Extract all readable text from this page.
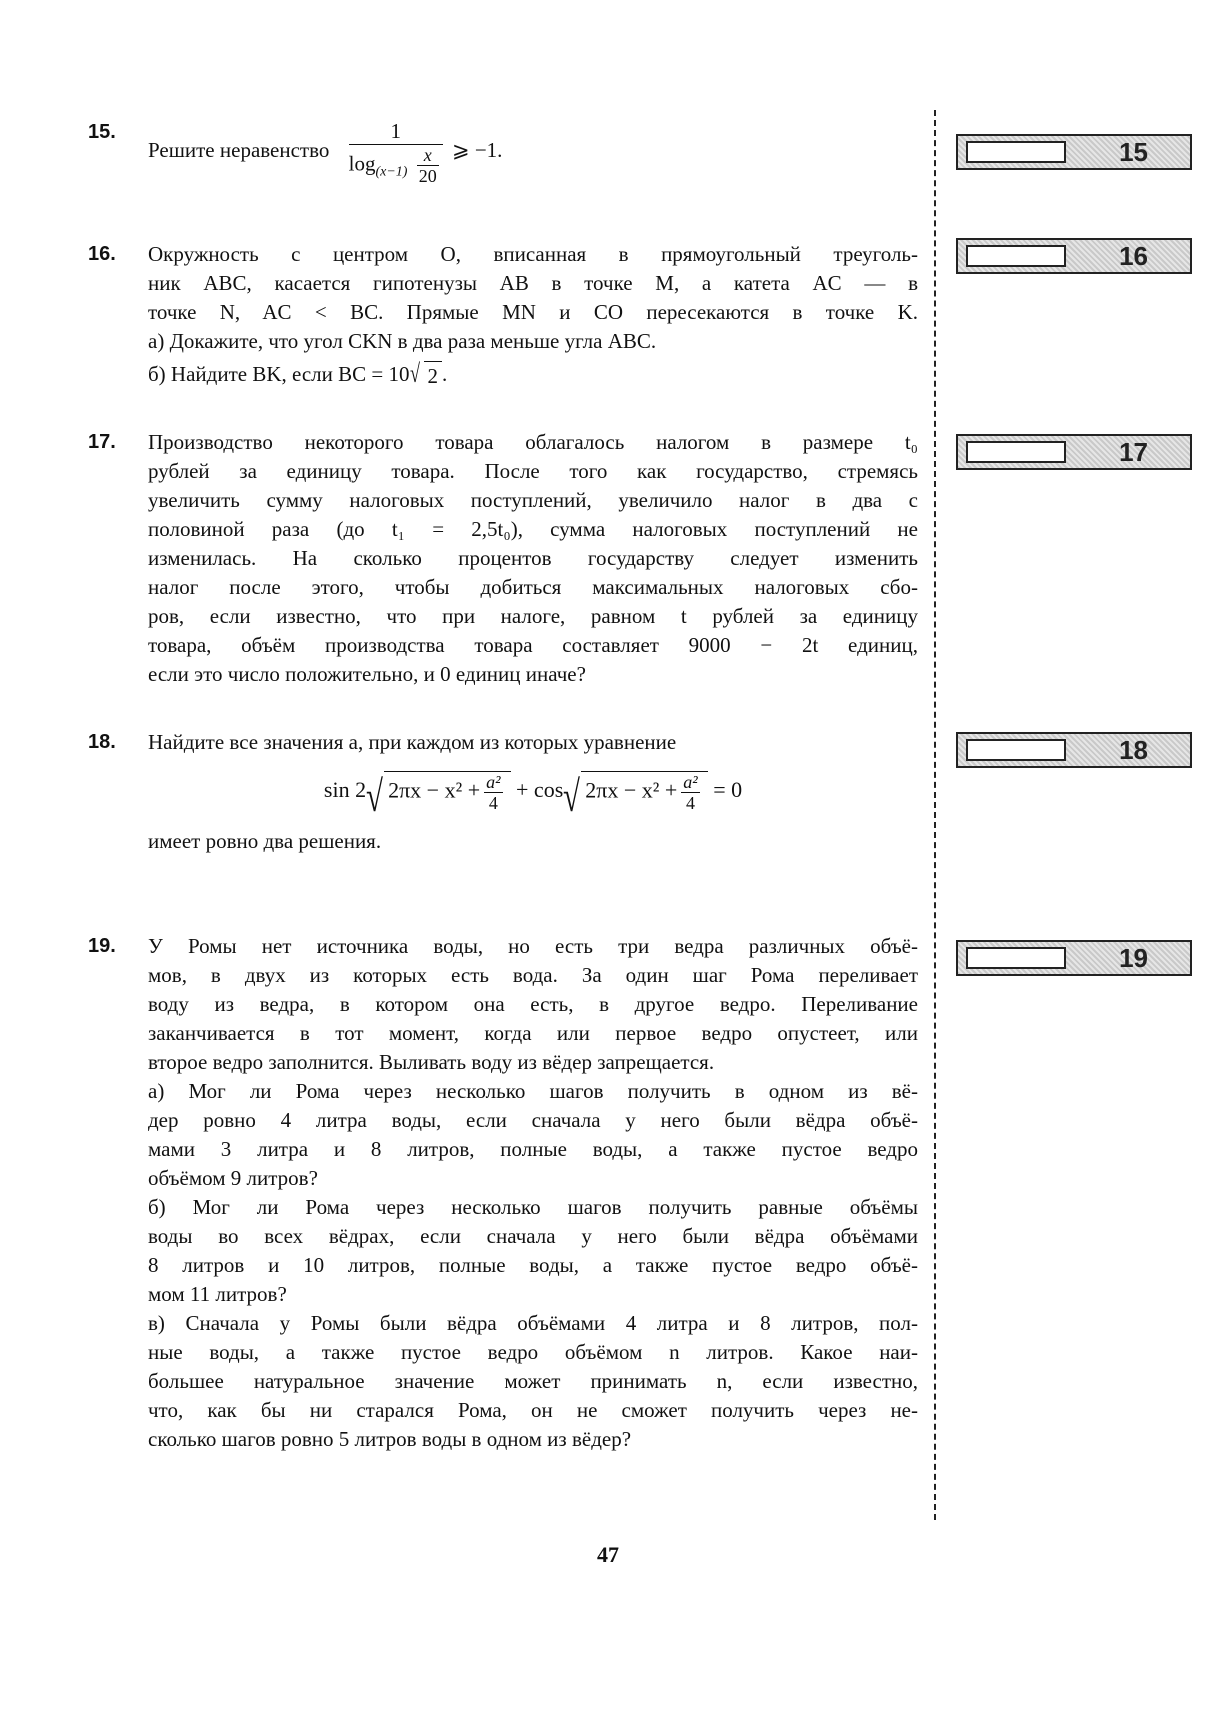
15.
Решите неравенство $\frac{1}{\log_{(x-1)} \frac{x}{20}}$ ⩾ −1.
16. Окружность с центром O, вписанная в прямоугольный треуголь-
ник ABC, касается гипотенузы AB в точке M, а катета AC — в
точке N, AC < BC. Прямые MN и CO пересекаются в точке K.
а) Докажите, что угол CKN в два раза меньше угла ABC.
б) Найдите BK, если BC = 10 √ 2 .
17. Производство некоторого товара облагалось налогом в размере t₀
рублей за единицу товара. После того как государство, стремясь
увеличить сумму налоговых поступлений, увеличило налог в два с
половиной раза (до t₁ = 2,5t₀), сумма налоговых поступлений не
изменилась. На сколько процентов государству следует изменить
налог после этого, чтобы добиться максимальных налоговых сбо-
ров, если известно, что при налоге, равном t рублей за единицу
товара, объём производства товара составляет 9000 − 2t единиц,
если это число положительно, и 0 единиц иначе?
18. Найдите все значения a, при каждом из которых уравнение
sin 2 √ $2\pi x - x^2 + \frac{\text{a²}}{4} + \cos$ √ $2\pi x - x^2 + \frac{\text{a²}}{4} = 0$
имеет ровно два решения.
19. У Ромы нет источника воды, но есть три ведра различных объё-
мов, в двух из которых есть вода. За один шаг Рома переливает
воду из ведра, в котором она есть, в другое ведро. Переливание
заканчивается в тот момент, когда или первое ведро опустеет, или
второе ведро заполнится. Выливать воду из вёдер запрещается.
а) Мог ли Рома через несколько шагов получить в одном из вё-
дер ровно 4 литра воды, если сначала у него были вёдра объё-
мами 3 литра и 8 литров, полные воды, а также пустое ведро
объёмом 9 литров?
б) Мог ли Рома через несколько шагов получить равные объёмы
воды во всех вёдрах, если сначала у него были вёдра объёмами
8 литров и 10 литров, полные воды, а также пустое ведро объё-
мом 11 литров?
в) Сначала у Ромы были вёдра объёмами 4 литра и 8 литров, пол-
ные воды, а также пустое ведро объёмом n литров. Какое наи-
большее натуральное значение может принимать n, если известно,
что, как бы ни старался Рома, он не сможет получить через не-
сколько шагов ровно 5 литров воды в одном из вёдер?
15
16
17
18
19
47
